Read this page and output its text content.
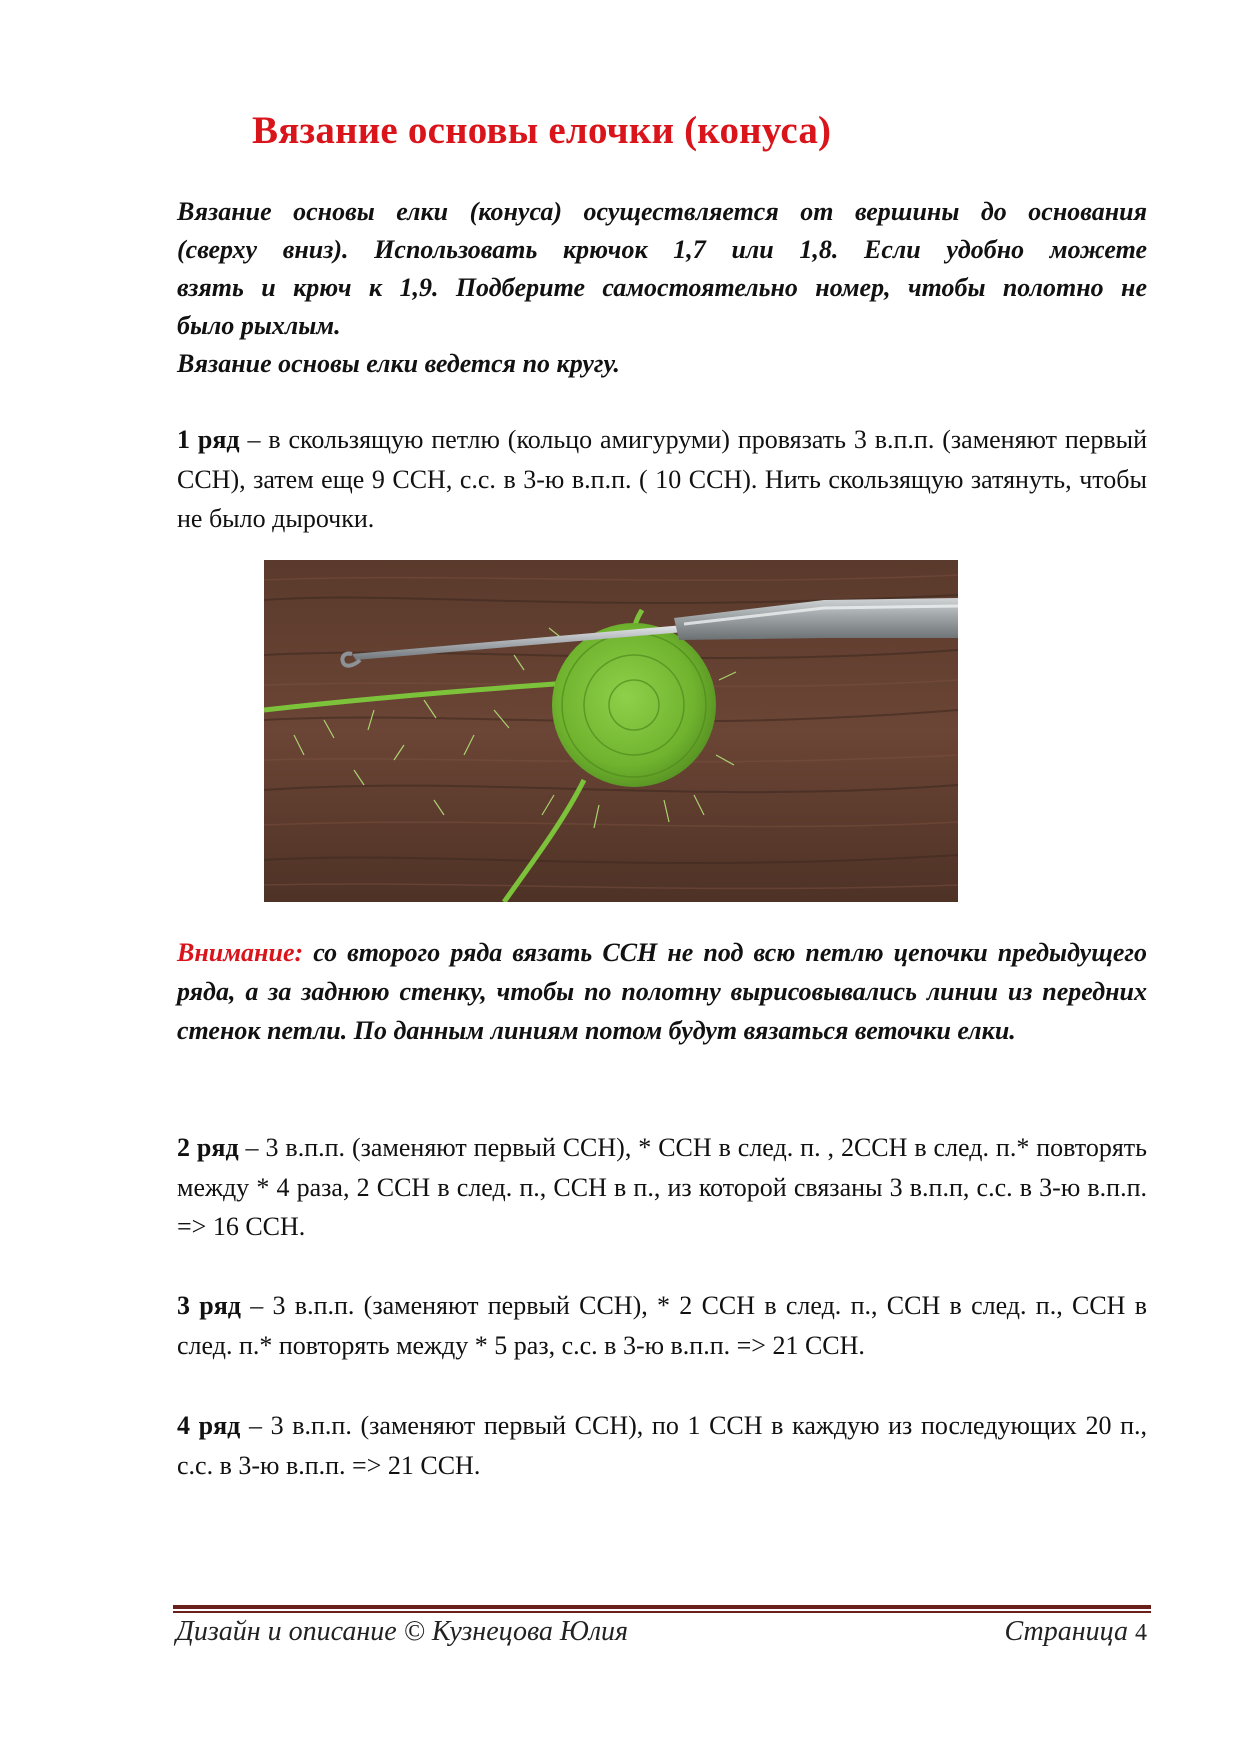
Вязание основы елочки (конуса)
Вязание основы елки (конуса) осуществляется от вершины до основания
(сверху вниз). Использовать крючок 1,7 или 1,8. Если удобно можете
взять и крюч к 1,9. Подберите самостоятельно номер, чтобы полотно не
было рыхлым.
Вязание основы елки ведется по кругу.

1 ряд – в скользящую петлю (кольцо амигуруми) провязать 3 в.п.п. (заменяют первый ССН), затем еще 9 ССН, с.с. в 3-ю в.п.п. ( 10 ССН). Нить скользящую затянуть, чтобы не было дырочки.

Внимание: со второго ряда вязать ССН не под всю петлю цепочки предыдущего ряда, а за заднюю стенку, чтобы по полотну вырисовывались линии из передних стенок петли. По данным линиям потом будут вязаться веточки елки.

2 ряд – 3 в.п.п. (заменяют первый ССН), * ССН в след. п. , 2ССН в след. п.* повторять между * 4 раза, 2 ССН в след. п., ССН в п., из которой связаны 3 в.п.п, с.с. в 3-ю в.п.п. => 16 ССН.

3 ряд – 3 в.п.п. (заменяют первый ССН), * 2 ССН в след. п., ССН в след. п., ССН в след. п.* повторять между * 5 раз, с.с. в 3-ю в.п.п. => 21 ССН.

4 ряд – 3 в.п.п. (заменяют первый ССН), по 1 ССН в каждую из последующих 20 п., с.с. в 3-ю в.п.п. => 21 ССН.

Дизайн и описание © Кузнецова Юлия	Страница 4
